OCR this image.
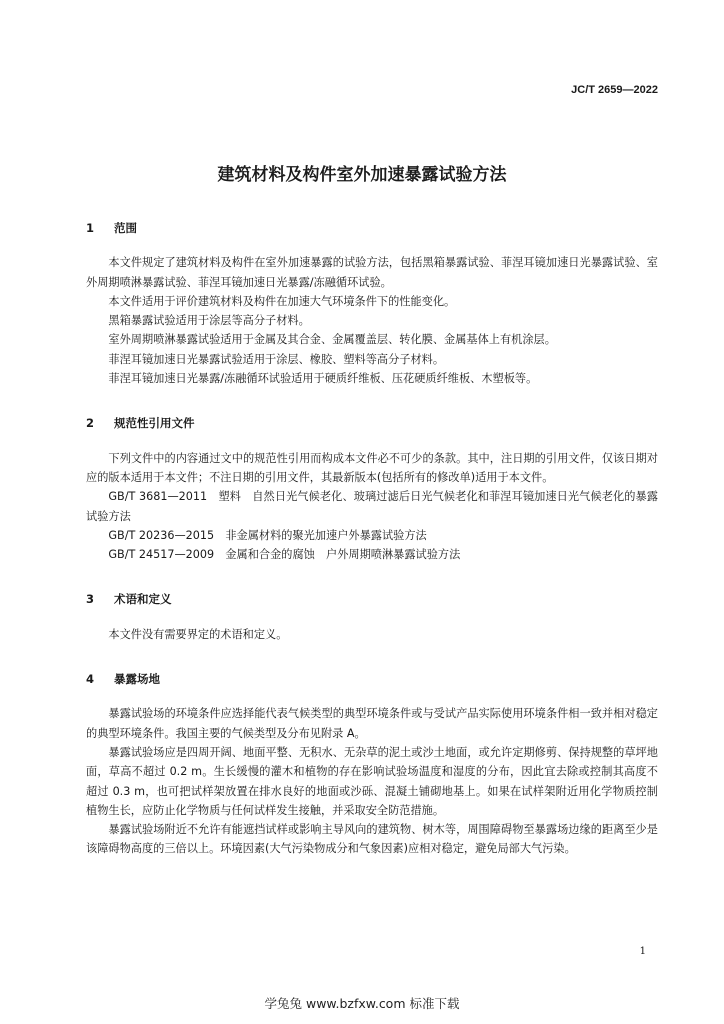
JC/T 2659—2022
建筑材料及构件室外加速暴露试验方法
1	范围

本文件规定了建筑材料及构件在室外加速暴露的试验方法，包括黑箱暴露试验、菲涅耳镜加速日光暴露试验、室外周期喷淋暴露试验、菲涅耳镜加速日光暴露/冻融循环试验。

本文件适用于评价建筑材料及构件在加速大气环境条件下的性能变化。

黑箱暴露试验适用于涂层等高分子材料。

室外周期喷淋暴露试验适用于金属及其合金、金属覆盖层、转化膜、金属基体上有机涂层。

菲涅耳镜加速日光暴露试验适用于涂层、橡胶、塑料等高分子材料。

菲涅耳镜加速日光暴露/冻融循环试验适用于硬质纤维板、压花硬质纤维板、木塑板等。

2	规范性引用文件

下列文件中的内容通过文中的规范性引用而构成本文件必不可少的条款。其中，注日期的引用文件，仅该日期对应的版本适用于本文件；不注日期的引用文件，其最新版本(包括所有的修改单)适用于本文件。

GB/T 3681—2011　塑料　自然日光气候老化、玻璃过滤后日光气候老化和菲涅耳镜加速日光气候老化的暴露试验方法
GB/T 20236—2015　非金属材料的聚光加速户外暴露试验方法
GB/T 24517—2009　金属和合金的腐蚀　户外周期喷淋暴露试验方法
3	术语和定义

本文件没有需要界定的术语和定义。

4	暴露场地

暴露试验场的环境条件应选择能代表气候类型的典型环境条件或与受试产品实际使用环境条件相一致并相对稳定的典型环境条件。我国主要的气候类型及分布见附录 A。

暴露试验场应是四周开阔、地面平整、无积水、无杂草的泥土或沙土地面，或允许定期修剪、保持规整的草坪地面，草高不超过 0.2 m。生长缓慢的灌木和植物的存在影响试验场温度和湿度的分布，因此宜去除或控制其高度不超过 0.3 m，也可把试样架放置在排水良好的地面或沙砾、混凝土铺砌地基上。如果在试样架附近用化学物质控制植物生长，应防止化学物质与任何试样发生接触，并采取安全防范措施。

暴露试验场附近不允许有能遮挡试样或影响主导风向的建筑物、树木等，周围障碍物至暴露场边缘的距离至少是该障碍物高度的三倍以上。环境因素(大气污染物成分和气象因素)应相对稳定，避免局部大气污染。

1
学兔兔 www.bzfxw.com 标准下载
